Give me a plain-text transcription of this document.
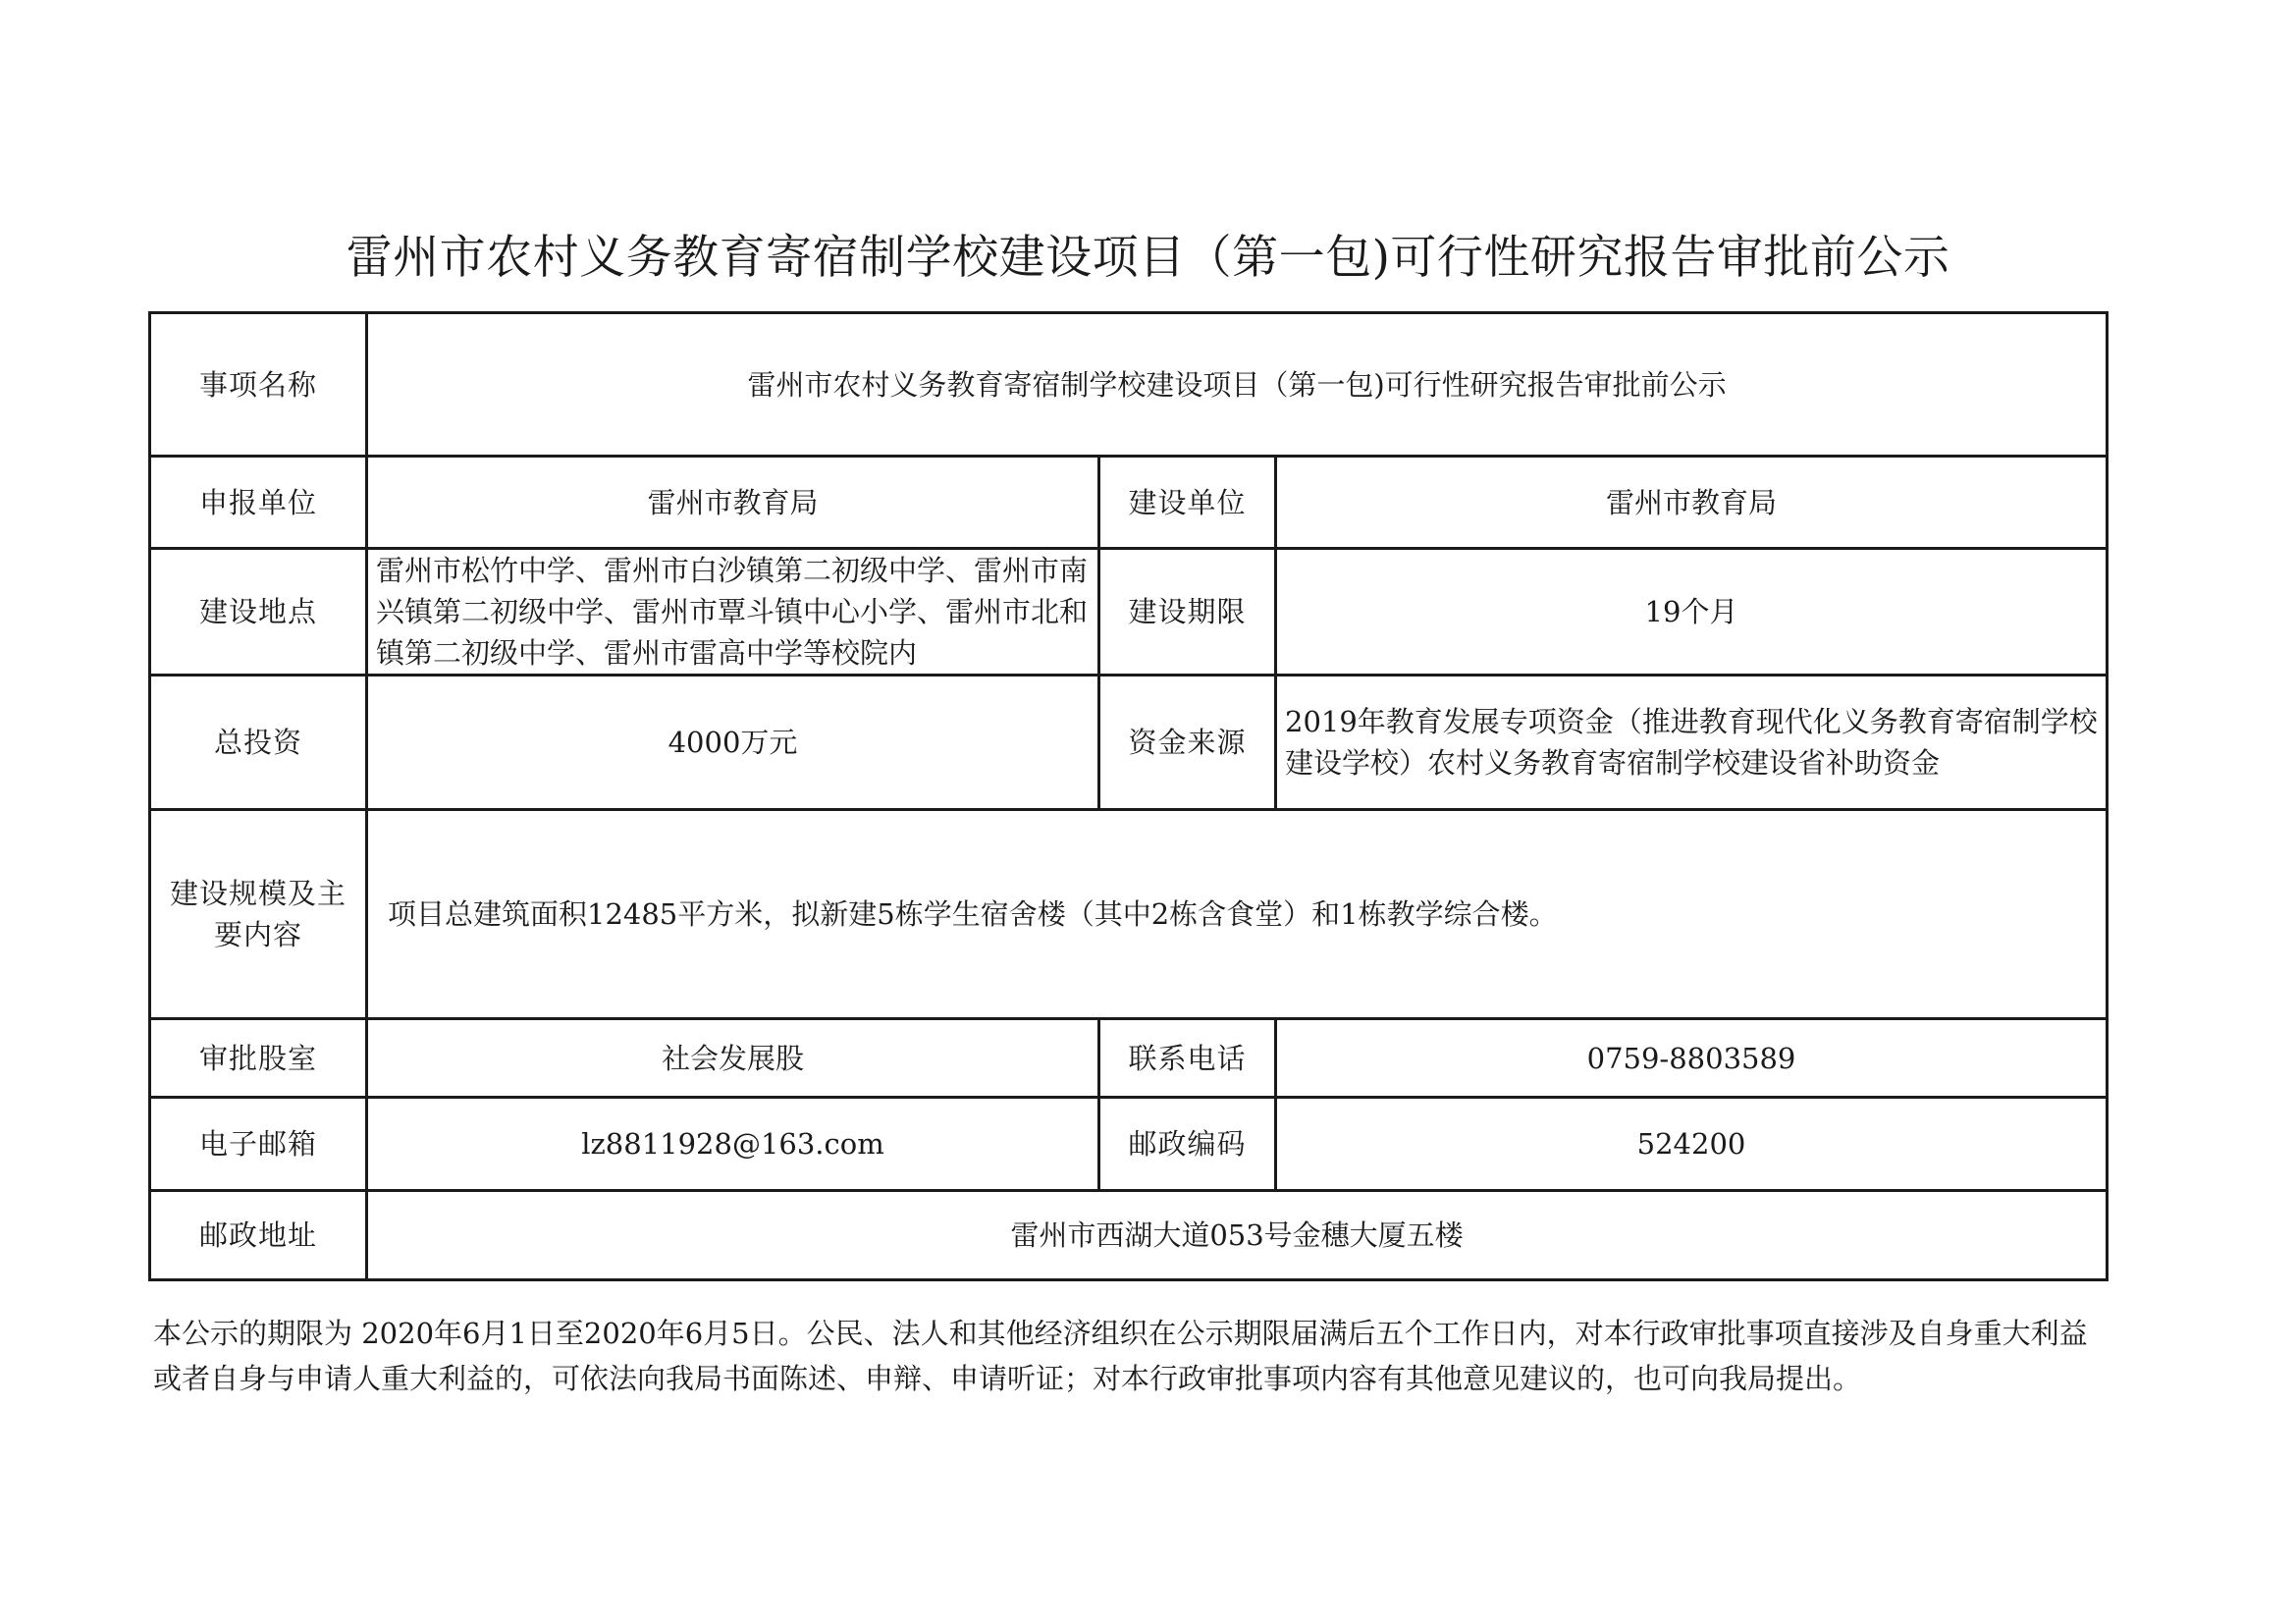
雷州市农村义务教育寄宿制学校建设项目（第一包)可行性研究报告审批前公示
事项名称	雷州市农村义务教育寄宿制学校建设项目（第一包)可行性研究报告审批前公示		
申报单位	雷州市教育局	建设单位	雷州市教育局
建设地点	雷州市松竹中学、雷州市白沙镇第二初级中学、雷州市南兴镇第二初级中学、雷州市覃斗镇中心小学、雷州市北和镇第二初级中学、雷州市雷高中学等校院内	建设期限	19个月
总投资	4000万元	资金来源	2019年教育发展专项资金（推进教育现代化义务教育寄宿制学校建设学校）农村义务教育寄宿制学校建设省补助资金
建设规模及主要内容	项目总建筑面积12485平方米，拟新建5栋学生宿舍楼（其中2栋含食堂）和1栋教学综合楼。		
审批股室	社会发展股	联系电话	0759-8803589
电子邮箱	lz8811928@163.com	邮政编码	524200
邮政地址	雷州市西湖大道053号金穗大厦五楼		
本公示的期限为 2020年6月1日至2020年6月5日。公民、法人和其他经济组织在公示期限届满后五个工作日内，对本行政审批事项直接涉及自身重大利益或者自身与申请人重大利益的，可依法向我局书面陈述、申辩、申请听证；对本行政审批事项内容有其他意见建议的，也可向我局提出。
